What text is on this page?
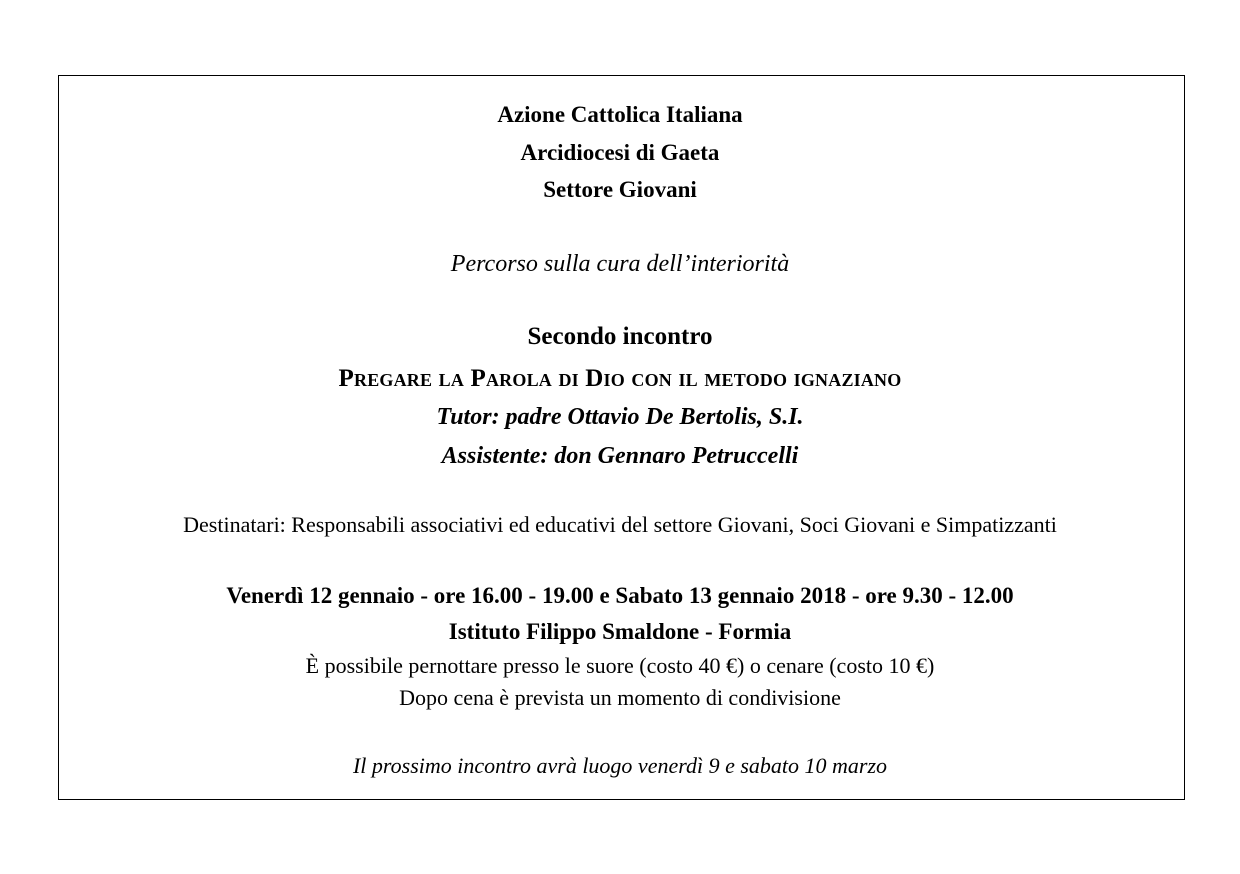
Azione Cattolica Italiana
Arcidiocesi di Gaeta
Settore Giovani
Percorso sulla cura dell’interiorità
Secondo incontro
Pregare la Parola di Dio con il metodo ignaziano
Tutor: padre Ottavio De Bertolis, S.I.
Assistente: don Gennaro Petruccelli
Destinatari: Responsabili associativi ed educativi del settore Giovani, Soci Giovani e Simpatizzanti
Venerdì 12 gennaio - ore 16.00 - 19.00 e Sabato 13 gennaio 2018 - ore 9.30 - 12.00
Istituto Filippo Smaldone - Formia
È possibile pernottare presso le suore (costo 40 €) o cenare (costo 10 €)
Dopo cena è prevista un momento di condivisione
Il prossimo incontro avrà luogo venerdì 9 e sabato 10 marzo
